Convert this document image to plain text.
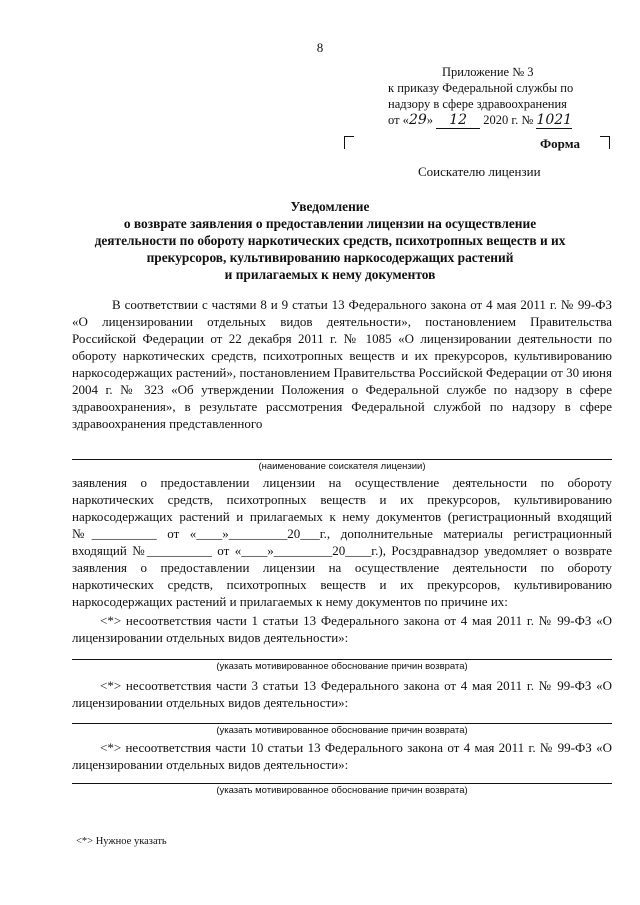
8
Приложение № 3
к приказу Федеральной службы по
надзору в сфере здравоохранения
от «29» 12 2020 г. № 1021
Форма
Соискателю лицензии
Уведомление
о возврате заявления о предоставлении лицензии на осуществление
деятельности по обороту наркотических средств, психотропных веществ и их
прекурсоров, культивированию наркосодержащих растений
и прилагаемых к нему документов
В соответствии с частями 8 и 9 статьи 13 Федерального закона от 4 мая 2011 г. № 99-ФЗ «О лицензировании отдельных видов деятельности», постановлением Правительства Российской Федерации от 22 декабря 2011 г. № 1085 «О лицензировании деятельности по обороту наркотических средств, психотропных веществ и их прекурсоров, культивированию наркосодержащих растений», постановлением Правительства Российской Федерации от 30 июня 2004 г. № 323 «Об утверждении Положения о Федеральной службе по надзору в сфере здравоохранения», в результате рассмотрения Федеральной службой по надзору в сфере здравоохранения представленного
(наименование соискателя лицензии)
заявления о предоставлении лицензии на осуществление деятельности по обороту наркотических средств, психотропных веществ и их прекурсоров, культивированию наркосодержащих растений и прилагаемых к нему документов (регистрационный входящий №__________ от «____»_________20___г., дополнительные материалы регистрационный входящий №__________ от «____»_________20____г.), Росздравнадзор уведомляет о возврате заявления о предоставлении лицензии на осуществление деятельности по обороту наркотических средств, психотропных веществ и их прекурсоров, культивированию наркосодержащих растений и прилагаемых к нему документов по причине их:
<*> несоответствия части 1 статьи 13 Федерального закона от 4 мая 2011 г. № 99-ФЗ «О лицензировании отдельных видов деятельности»:
(указать мотивированное обоснование причин возврата)
<*> несоответствия части 3 статьи 13 Федерального закона от 4 мая 2011 г. № 99-ФЗ «О лицензировании отдельных видов деятельности»:
(указать мотивированное обоснование причин возврата)
<*> несоответствия части 10 статьи 13 Федерального закона от 4 мая 2011 г. № 99-ФЗ «О лицензировании отдельных видов деятельности»:
(указать мотивированное обоснование причин возврата)
<*> Нужное указать
